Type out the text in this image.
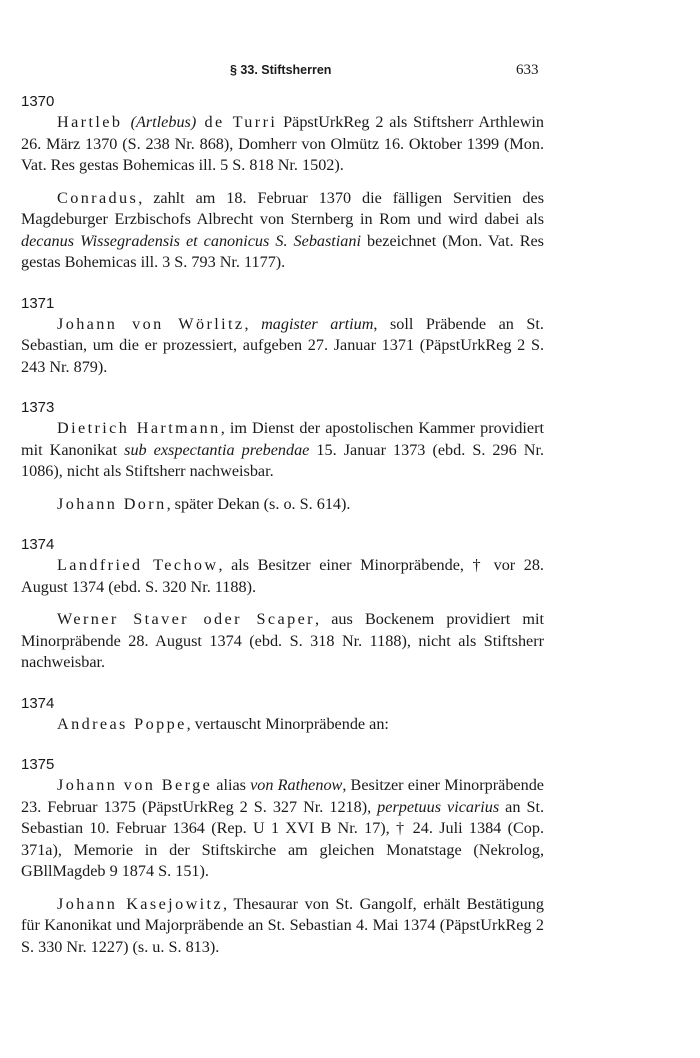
§ 33. Stiftsherren	633
1370

Hartleb (Artlebus) de Turri PäpstUrkReg 2 als Stiftsherr Arthlewin 26. März 1370 (S. 238 Nr. 868), Domherr von Olmütz 16. Oktober 1399 (Mon. Vat. Res gestas Bohemicas ill. 5 S. 818 Nr. 1502).

Conradus, zahlt am 18. Februar 1370 die fälligen Servitien des Magdeburger Erzbischofs Albrecht von Sternberg in Rom und wird dabei als decanus Wissegradensis et canonicus S. Sebastiani bezeichnet (Mon. Vat. Res gestas Bohemicas ill. 3 S. 793 Nr. 1177).

1371

Johann von Wörlitz, magister artium, soll Präbende an St. Sebastian, um die er prozessiert, aufgeben 27. Januar 1371 (PäpstUrkReg 2 S. 243 Nr. 879).

1373

Dietrich Hartmann, im Dienst der apostolischen Kammer providiert mit Kanonikat sub exspectantia prebendae 15. Januar 1373 (ebd. S. 296 Nr. 1086), nicht als Stiftsherr nachweisbar.

Johann Dorn, später Dekan (s. o. S. 614).

1374

Landfried Techow, als Besitzer einer Minorpräbende, † vor 28. August 1374 (ebd. S. 320 Nr. 1188).

Werner Staver oder Scaper, aus Bockenem providiert mit Minorpräbende 28. August 1374 (ebd. S. 318 Nr. 1188), nicht als Stiftsherr nachweisbar.

1374

Andreas Poppe, vertauscht Minorpräbende an:

1375

Johann von Berge alias von Rathenow, Besitzer einer Minorpräbende 23. Februar 1375 (PäpstUrkReg 2 S. 327 Nr. 1218), perpetuus vicarius an St. Sebastian 10. Februar 1364 (Rep. U 1 XVI B Nr. 17), † 24. Juli 1384 (Cop. 371a), Memorie in der Stiftskirche am gleichen Monatstage (Nekrolog, GBllMagdeb 9 1874 S. 151).

Johann Kasejowitz, Thesaurar von St. Gangolf, erhält Bestätigung für Kanonikat und Majorpräbende an St. Sebastian 4. Mai 1374 (PäpstUrkReg 2 S. 330 Nr. 1227) (s. u. S. 813).
